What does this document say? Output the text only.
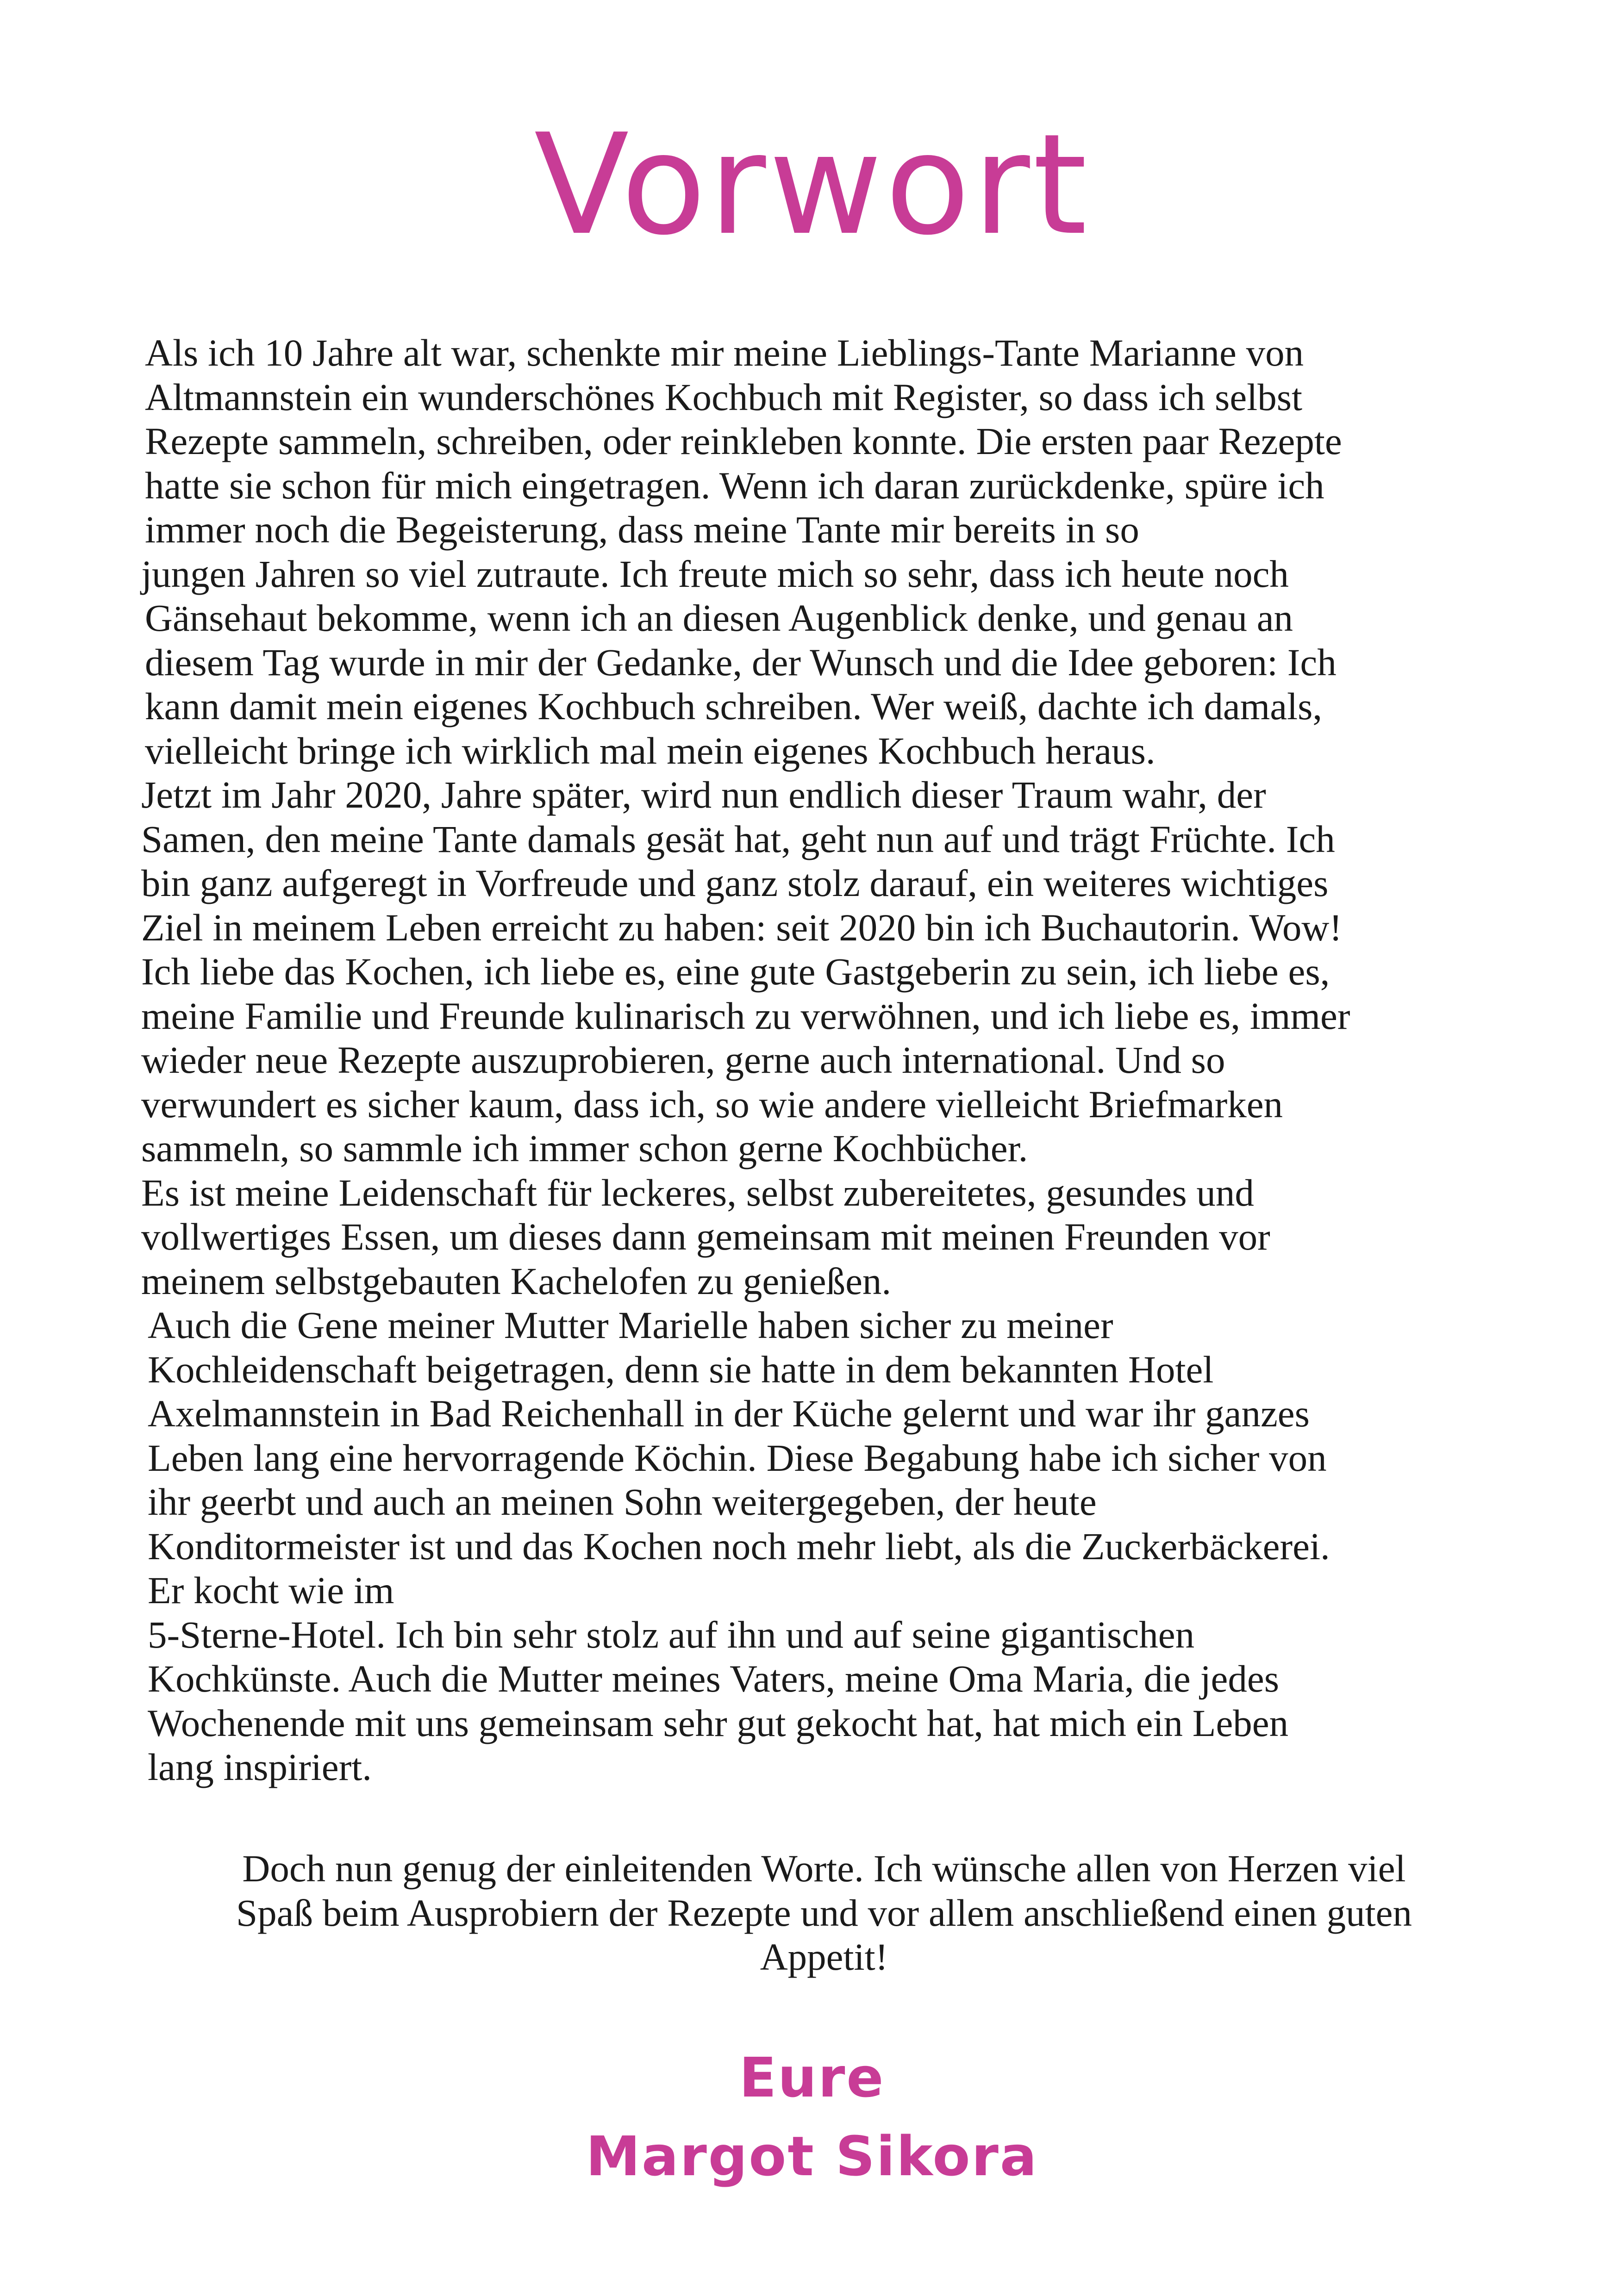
Vorwort
Als ich 10 Jahre alt war, schenkte mir meine Lieblings-Tante Marianne von
Altmannstein ein wunderschönes Kochbuch mit Register, so dass ich selbst
Rezepte sammeln, schreiben, oder reinkleben konnte. Die ersten paar Rezepte
hatte sie schon für mich eingetragen. Wenn ich daran zurückdenke, spüre ich
immer noch die Begeisterung, dass meine Tante mir bereits in so
jungen Jahren so viel zutraute. Ich freute mich so sehr, dass ich heute noch
Gänsehaut bekomme, wenn ich an diesen Augenblick denke, und genau an
diesem Tag wurde in mir der Gedanke, der Wunsch und die Idee geboren: Ich
kann damit mein eigenes Kochbuch schreiben. Wer weiß, dachte ich damals,
vielleicht bringe ich wirklich mal mein eigenes Kochbuch heraus.
Jetzt im Jahr 2020, Jahre später, wird nun endlich dieser Traum wahr, der
Samen, den meine Tante damals gesät hat, geht nun auf und trägt Früchte. Ich
bin ganz aufgeregt in Vorfreude und ganz stolz darauf, ein weiteres wichtiges
Ziel in meinem Leben erreicht zu haben: seit 2020 bin ich Buchautorin. Wow!
Ich liebe das Kochen, ich liebe es, eine gute Gastgeberin zu sein, ich liebe es,
meine Familie und Freunde kulinarisch zu verwöhnen, und ich liebe es, immer
wieder neue Rezepte auszuprobieren, gerne auch international. Und so
verwundert es sicher kaum, dass ich, so wie andere vielleicht Briefmarken
sammeln, so sammle ich immer schon gerne Kochbücher.
Es ist meine Leidenschaft für leckeres, selbst zubereitetes, gesundes und
vollwertiges Essen, um dieses dann gemeinsam mit meinen Freunden vor
meinem selbstgebauten Kachelofen zu genießen.
Auch die Gene meiner Mutter Marielle haben sicher zu meiner
Kochleidenschaft beigetragen, denn sie hatte in dem bekannten Hotel
Axelmannstein in Bad Reichenhall in der Küche gelernt und war ihr ganzes
Leben lang eine hervorragende Köchin. Diese Begabung habe ich sicher von
ihr geerbt und auch an meinen Sohn weitergegeben, der heute
Konditormeister ist und das Kochen noch mehr liebt, als die Zuckerbäckerei.
Er kocht wie im
5-Sterne-Hotel. Ich bin sehr stolz auf ihn und auf seine gigantischen
Kochkünste. Auch die Mutter meines Vaters, meine Oma Maria, die jedes
Wochenende mit uns gemeinsam sehr gut gekocht hat, hat mich ein Leben
lang inspiriert.
Doch nun genug der einleitenden Worte. Ich wünsche allen von Herzen viel
Spaß beim Ausprobiern der Rezepte und vor allem anschließend einen guten
Appetit!
Eure
Margot Sikora
